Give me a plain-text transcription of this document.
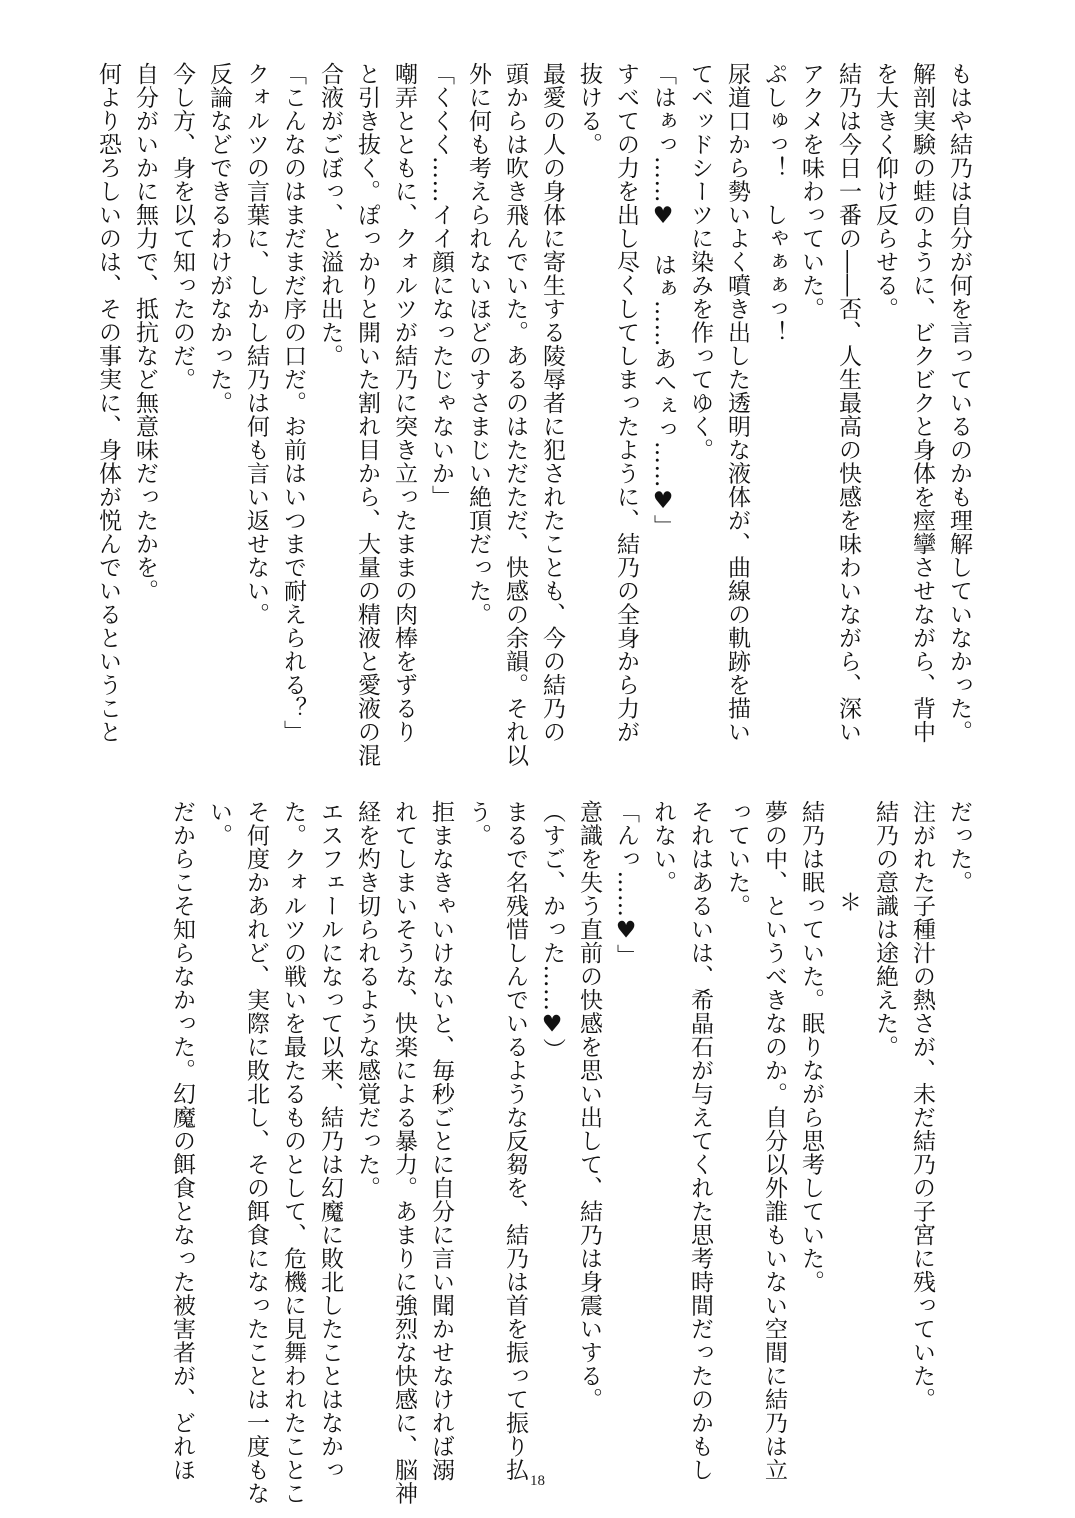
もはや結乃は自分が何を言っているのかも理解していなかった。
解剖実験の蛙のように、ビクビクと身体を痙攣させながら、背中
を大きく仰け反らせる。
結乃は今日一番の――否、人生最高の快感を味わいながら、深い
アクメを味わっていた。
ぷしゅっ！　しゃぁぁっ！
尿道口から勢いよく噴き出した透明な液体が、曲線の軌跡を描い
てベッドシーツに染みを作ってゆく。
「はぁっ……♥　はぁ……あへぇっ……♥」
すべての力を出し尽くしてしまったように、結乃の全身から力が
抜ける。
最愛の人の身体に寄生する陵辱者に犯されたことも、今の結乃の
頭からは吹き飛んでいた。あるのはただただ、快感の余韻。それ以
外に何も考えられないほどのすさまじい絶頂だった。
「くくく……イイ顔になったじゃないか」
嘲弄とともに、クォルツが結乃に突き立ったままの肉棒をずるり
と引き抜く。ぽっかりと開いた割れ目から、大量の精液と愛液の混
合液がごぼっ、と溢れ出た。
「こんなのはまだまだ序の口だ。お前はいつまで耐えられる？」
クォルツの言葉に、しかし結乃は何も言い返せない。
反論などできるわけがなかった。
今し方、身を以て知ったのだ。
自分がいかに無力で、抵抗など無意味だったかを。
何より恐ろしいのは、その事実に、身体が悦んでいるということ
だった。
注がれた子種汁の熱さが、未だ結乃の子宮に残っていた。
結乃の意識は途絶えた。
＊
結乃は眠っていた。眠りながら思考していた。
夢の中、というべきなのか。自分以外誰もいない空間に結乃は立
っていた。
それはあるいは、希晶石が与えてくれた思考時間だったのかもし
れない。
「んっ……♥」
意識を失う直前の快感を思い出して、結乃は身震いする。
（すご、かった……♥）
まるで名残惜しんでいるような反芻を、結乃は首を振って振り払
う。
拒まなきゃいけないと、毎秒ごとに自分に言い聞かせなければ溺
れてしまいそうな、快楽による暴力。あまりに強烈な快感に、脳神
経を灼き切られるような感覚だった。
エスフェールになって以来、結乃は幻魔に敗北したことはなかっ
た。クォルツの戦いを最たるものとして、危機に見舞われたことこ
そ何度かあれど、実際に敗北し、その餌食になったことは一度もな
い。
だからこそ知らなかった。幻魔の餌食となった被害者が、どれほ	18
